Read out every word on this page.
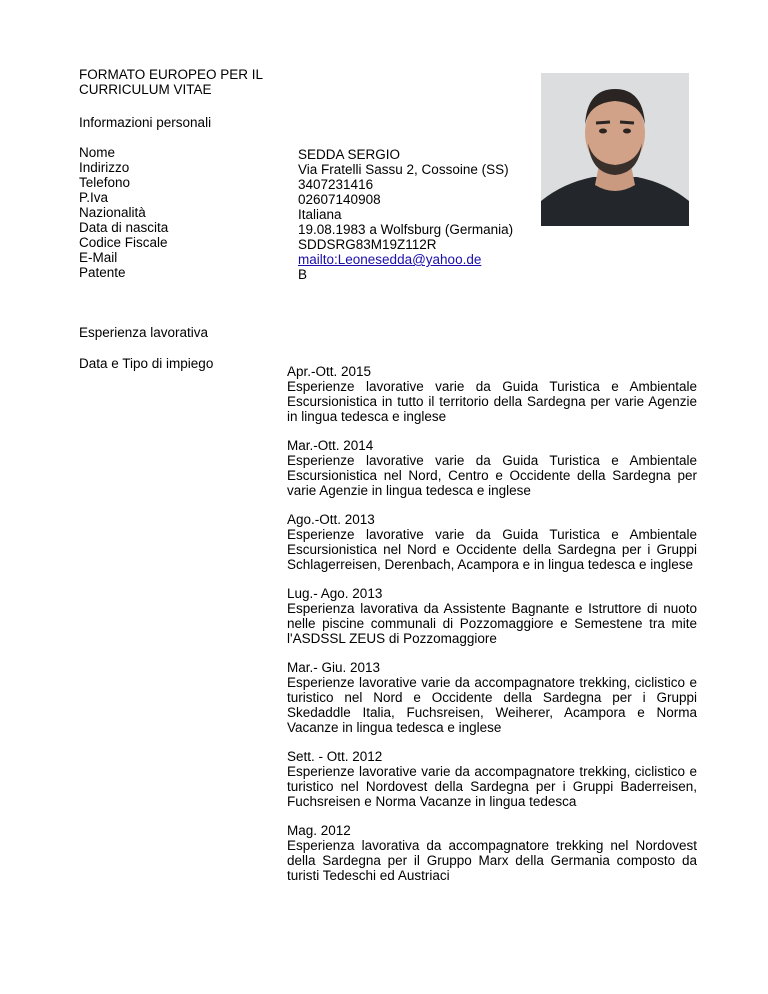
FORMATO EUROPEO PER IL
CURRICULUM VITAE
Informazioni personali
Nome
Indirizzo
Telefono
P.Iva
Nazionalità
Data di nascita
Codice Fiscale
E-Mail
Patente
SEDDA SERGIO
Via Fratelli Sassu 2, Cossoine (SS)
3407231416
02607140908
Italiana
19.08.1983 a Wolfsburg (Germania)
SDDSRG83M19Z112R
mailto:Leonesedda@yahoo.de
B
Esperienza lavorativa
Data e Tipo di impiego
Apr.-Ott. 2015
Esperienze lavorative varie da Guida Turistica e Ambientale Escursionistica in tutto il territorio della Sardegna per varie Agenzie in lingua tedesca e inglese
Mar.-Ott. 2014
Esperienze lavorative varie da Guida Turistica e Ambientale Escursionistica nel Nord, Centro e Occidente della Sardegna per varie Agenzie in lingua tedesca e inglese
Ago.-Ott. 2013
Esperienze lavorative varie da Guida Turistica e Ambientale Escursionistica nel Nord e Occidente della Sardegna per i Gruppi Schlagerreisen, Derenbach, Acampora e in lingua tedesca e inglese
Lug.- Ago. 2013
Esperienza lavorativa da Assistente Bagnante e Istruttore di nuoto nelle piscine communali di Pozzomaggiore e Semestene tra mite l'ASDSSL ZEUS di Pozzomaggiore
Mar.- Giu. 2013
Esperienze lavorative varie da accompagnatore trekking, ciclistico e turistico nel Nord e Occidente della Sardegna per i Gruppi Skedaddle Italia, Fuchsreisen, Weiherer, Acampora e Norma Vacanze in lingua tedesca e inglese
Sett. - Ott. 2012
Esperienze lavorative varie da accompagnatore trekking, ciclistico e turistico nel Nordovest della Sardegna per i Gruppi Baderreisen, Fuchsreisen e Norma Vacanze in lingua tedesca
Mag. 2012
Esperienza lavorativa da accompagnatore trekking nel Nordovest della Sardegna per il Gruppo Marx della Germania composto da turisti Tedeschi ed Austriaci
